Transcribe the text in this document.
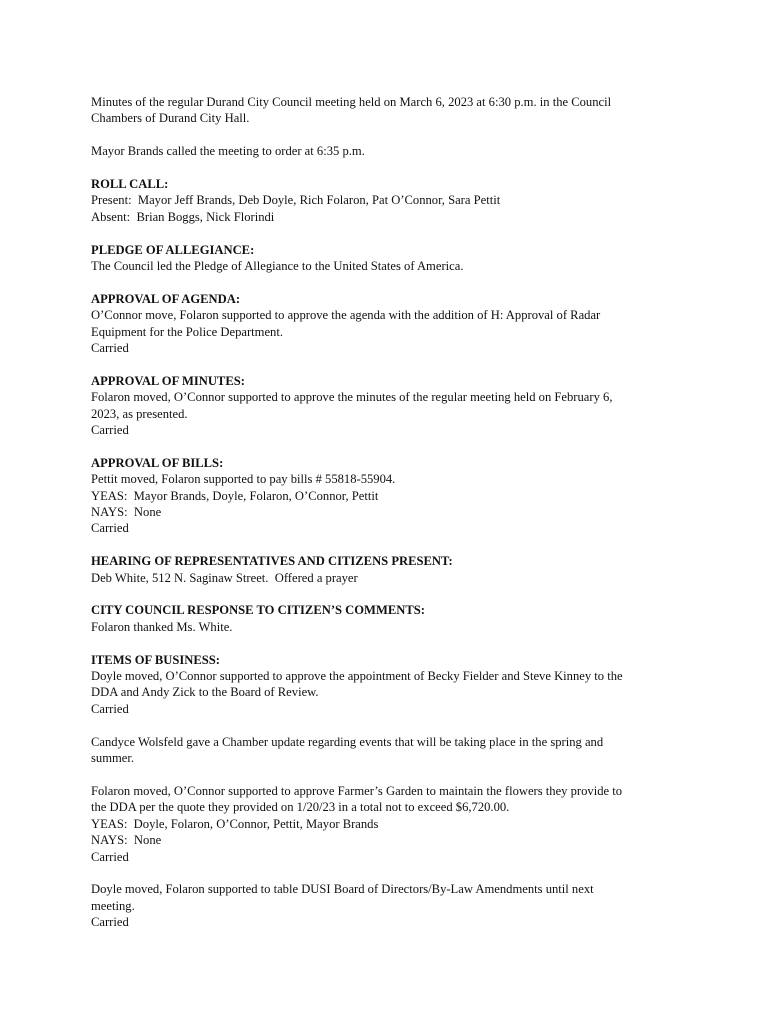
Minutes of the regular Durand City Council meeting held on March 6, 2023 at 6:30 p.m. in the Council
Chambers of Durand City Hall.
Mayor Brands called the meeting to order at 6:35 p.m.
ROLL CALL:
Present:  Mayor Jeff Brands, Deb Doyle, Rich Folaron, Pat O’Connor, Sara Pettit
Absent:  Brian Boggs, Nick Florindi
PLEDGE OF ALLEGIANCE:
The Council led the Pledge of Allegiance to the United States of America.
APPROVAL OF AGENDA:
O’Connor move, Folaron supported to approve the agenda with the addition of H: Approval of Radar
Equipment for the Police Department.
Carried
APPROVAL OF MINUTES:
Folaron moved, O’Connor supported to approve the minutes of the regular meeting held on February 6,
2023, as presented.
Carried
APPROVAL OF BILLS:
Pettit moved, Folaron supported to pay bills # 55818-55904.
YEAS:  Mayor Brands, Doyle, Folaron, O’Connor, Pettit
NAYS:  None
Carried
HEARING OF REPRESENTATIVES AND CITIZENS PRESENT:
Deb White, 512 N. Saginaw Street.  Offered a prayer
CITY COUNCIL RESPONSE TO CITIZEN’S COMMENTS:
Folaron thanked Ms. White.
ITEMS OF BUSINESS:
Doyle moved, O’Connor supported to approve the appointment of Becky Fielder and Steve Kinney to the
DDA and Andy Zick to the Board of Review.
Carried
Candyce Wolsfeld gave a Chamber update regarding events that will be taking place in the spring and
summer.
Folaron moved, O’Connor supported to approve Farmer’s Garden to maintain the flowers they provide to
the DDA per the quote they provided on 1/20/23 in a total not to exceed $6,720.00.
YEAS:  Doyle, Folaron, O’Connor, Pettit, Mayor Brands
NAYS:  None
Carried
Doyle moved, Folaron supported to table DUSI Board of Directors/By-Law Amendments until next
meeting.
Carried
